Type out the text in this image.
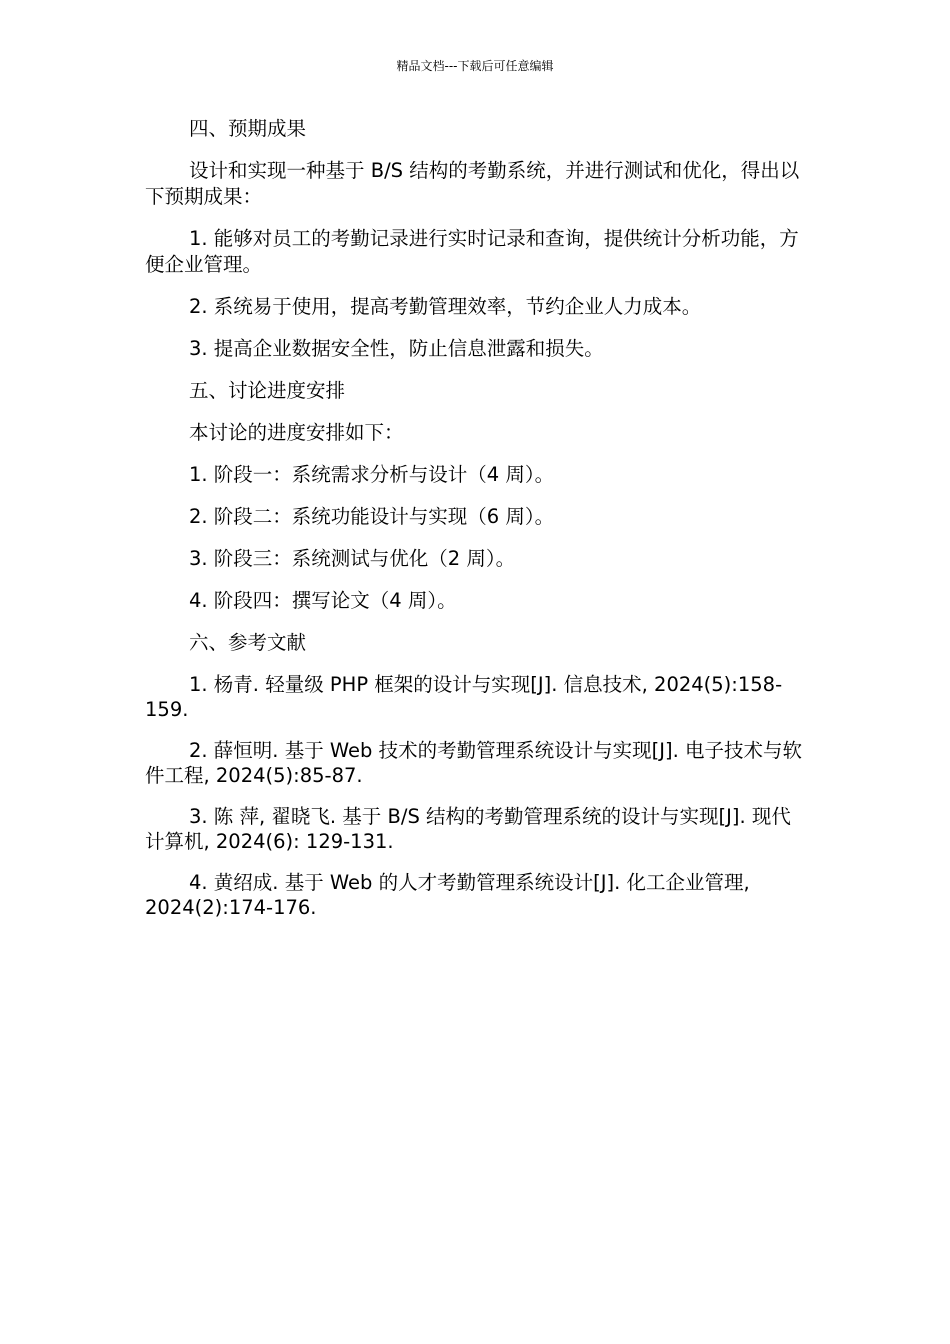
精品文档---下载后可任意编辑
四、预期成果
设计和实现一种基于 B/S 结构的考勤系统，并进行测试和优化，得出以下预期成果：
1. 能够对员工的考勤记录进行实时记录和查询，提供统计分析功能，方便企业管理。
2. 系统易于使用，提高考勤管理效率，节约企业人力成本。
3. 提高企业数据安全性，防止信息泄露和损失。
五、讨论进度安排
本讨论的进度安排如下：
1. 阶段一：系统需求分析与设计（4 周）。
2. 阶段二：系统功能设计与实现（6 周）。
3. 阶段三：系统测试与优化（2 周）。
4. 阶段四：撰写论文（4 周）。
六、参考文献
1. 杨青. 轻量级 PHP 框架的设计与实现[J]. 信息技术, 2024(5):158-159.
2. 薛恒明. 基于 Web 技术的考勤管理系统设计与实现[J]. 电子技术与软件工程, 2024(5):85-87.
3. 陈 萍, 翟晓飞. 基于 B/S 结构的考勤管理系统的设计与实现[J]. 现代计算机, 2024(6): 129-131.
4. 黄绍成. 基于 Web 的人才考勤管理系统设计[J]. 化工企业管理, 2024(2):174-176.
